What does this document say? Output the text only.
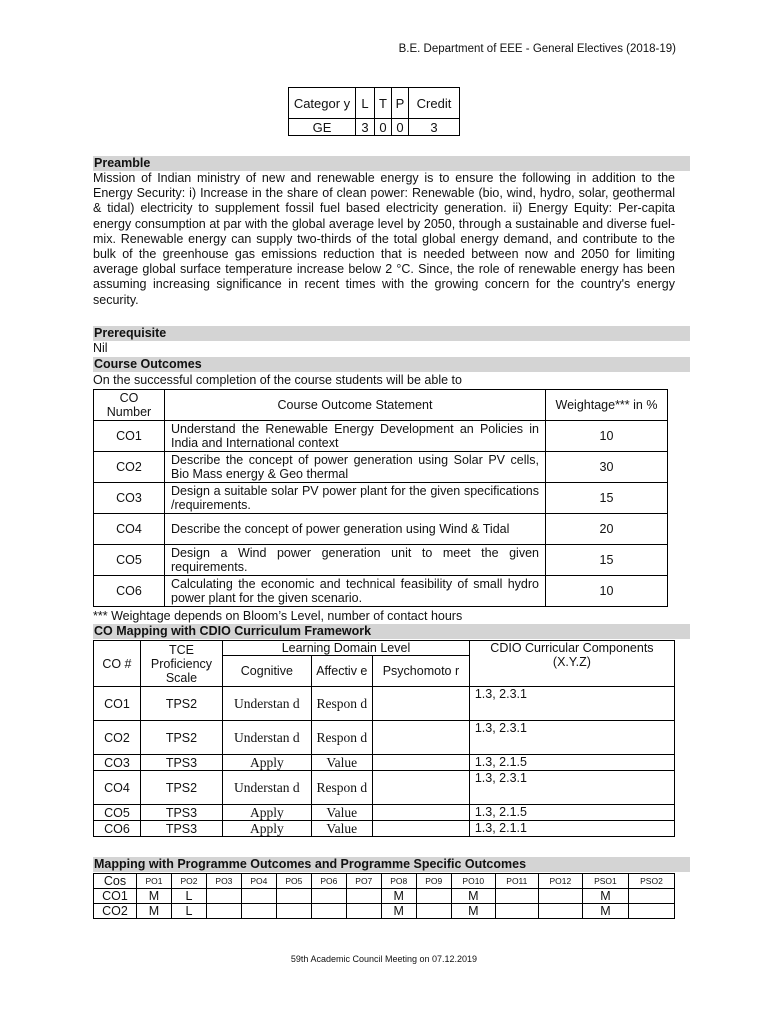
B.E. Department of EEE - General Electives (2018-19)
Categor y	L	T	P	Credit
GE	3	0	0	3
Preamble
Mission of Indian ministry of new and renewable energy is to ensure the following in addition to the Energy Security: i) Increase in the share of clean power: Renewable (bio, wind, hydro, solar, geothermal & tidal) electricity to supplement fossil fuel based electricity generation. ii) Energy Equity: Per-capita energy consumption at par with the global average level by 2050, through a sustainable and diverse fuel- mix. Renewable energy can supply two-thirds of the total global energy demand, and contribute to the bulk of the greenhouse gas emissions reduction that is needed between now and 2050 for limiting average global surface temperature increase below 2 °C. Since, the role of renewable energy has been assuming increasing significance in recent times with the growing concern for the country's energy security.
Prerequisite
Nil
Course Outcomes
On the successful completion of the course students will be able to
CO Number	Course Outcome Statement	Weightage*** in %
CO1	Understand the Renewable Energy Development an Policies in India and International context	10
CO2	Describe the concept of power generation using Solar PV cells, Bio Mass energy & Geo thermal	30
CO3	Design a suitable solar PV power plant for the given specifications /requirements.	15
CO4	Describe the concept of power generation using Wind & Tidal	20
CO5	Design a Wind power generation unit to meet the given requirements.	15
CO6	Calculating the economic and technical feasibility of small hydro power plant for the given scenario.	10
*** Weightage depends on Bloom’s Level, number of contact hours
CO Mapping with CDIO Curriculum Framework
CO #	TCE Proficiency Scale	Learning Domain Level			CDIO Curricular Components (X.Y.Z)
		Cognitive	Affectiv e	Psychomoto r	
CO1	TPS2	Understan d	Respon d		1.3, 2.3.1
CO2	TPS2	Understan d	Respon d		1.3, 2.3.1
CO3	TPS3	Apply	Value		1.3, 2.1.5
CO4	TPS2	Understan d	Respon d		1.3, 2.3.1
CO5	TPS3	Apply	Value		1.3, 2.1.5
CO6	TPS3	Apply	Value		1.3, 2.1.1
Mapping with Programme Outcomes and Programme Specific Outcomes
Cos	PO1	PO2	PO3	PO4	PO5	PO6	PO7	PO8	PO9	PO10	PO11	PO12	PSO1	PSO2
CO1	M	L						M		M			M	
CO2	M	L						M		M			M	
59th Academic Council Meeting on 07.12.2019
